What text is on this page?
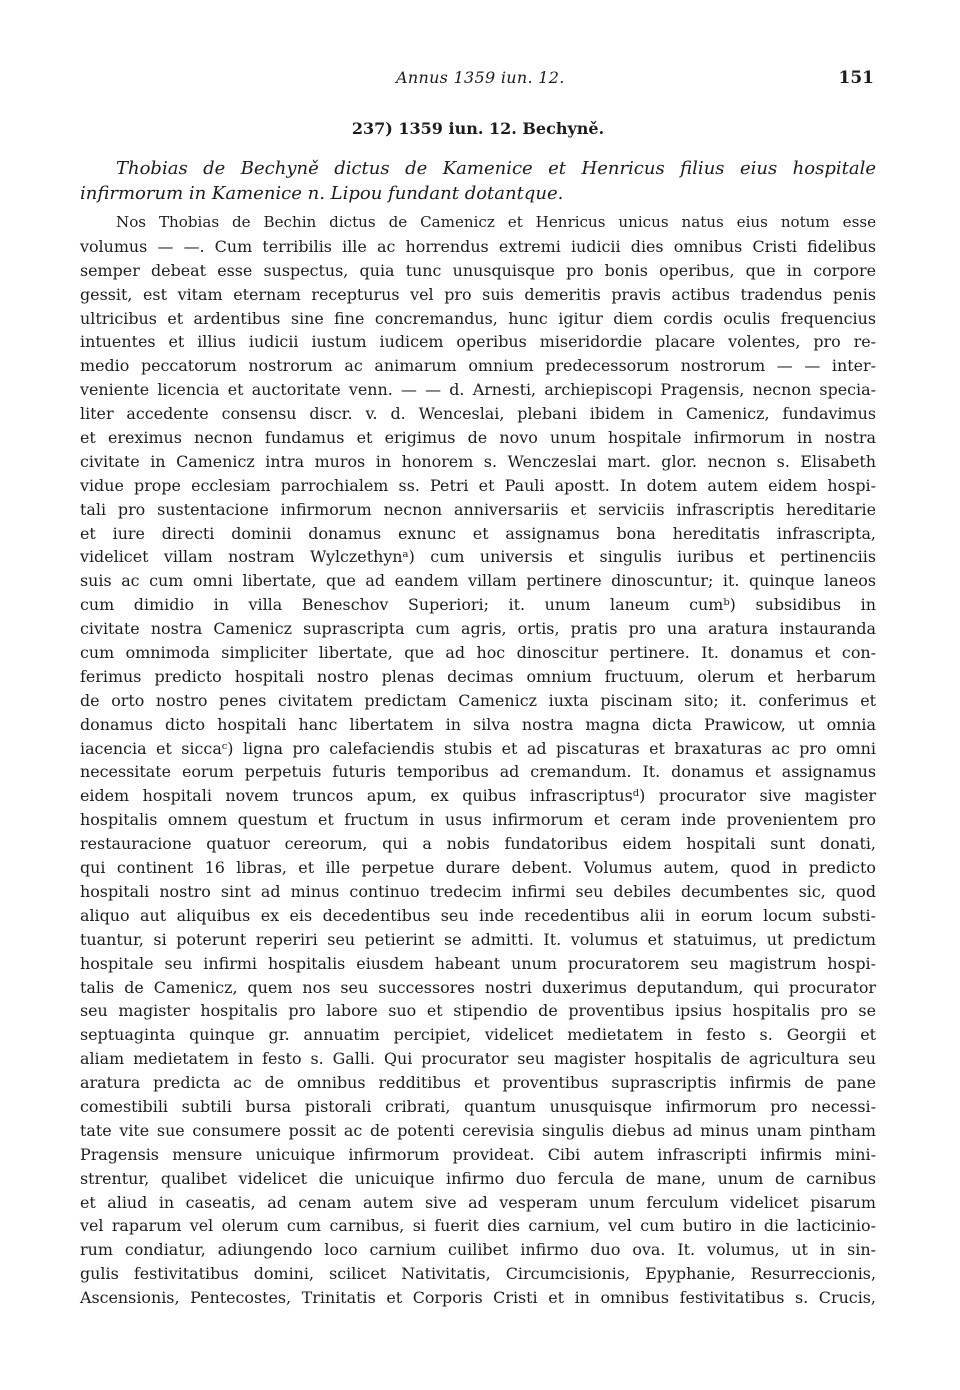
Annus 1359 iun. 12.	151
237) 1359 iun. 12. Bechyně.

Thobias de Bechyně dictus de Kamenice et Henricus filius eius hospitale infirmorum in Kamenice n. Lipou fundant dotantque.

Nos Thobias de Bechin dictus de Camenicz et Henricus unicus natus eius notum esse
volumus — —. Cum terribilis ille ac horrendus extremi iudicii dies omnibus Cristi fidelibus
semper debeat esse suspectus, quia tunc unusquisque pro bonis operibus, que in corpore
gessit, est vitam eternam recepturus vel pro suis demeritis pravis actibus tradendus penis
ultricibus et ardentibus sine fine concremandus, hunc igitur diem cordis oculis frequencius
intuentes et illius iudicii iustum iudicem operibus miseridordie placare volentes, pro re-
medio peccatorum nostrorum ac animarum omnium predecessorum nostrorum — — inter-
veniente licencia et auctoritate venn. — — d. Arnesti, archiepiscopi Pragensis, necnon specia-
liter accedente consensu discr. v. d. Wenceslai, plebani ibidem in Camenicz, fundavimus
et ereximus necnon fundamus et erigimus de novo unum hospitale infirmorum in nostra
civitate in Camenicz intra muros in honorem s. Wenczeslai mart. glor. necnon s. Elisabeth
vidue prope ecclesiam parrochialem ss. Petri et Pauli apostt. In dotem autem eidem hospi-
tali pro sustentacione infirmorum necnon anniversariis et serviciis infrascriptis hereditarie
et iure directi dominii donamus exnunc et assignamus bona hereditatis infrascripta,
videlicet villam nostram Wylczethynᵃ) cum universis et singulis iuribus et pertinenciis
suis ac cum omni libertate, que ad eandem villam pertinere dinoscuntur; it. quinque laneos
cum dimidio in villa Beneschov Superiori; it. unum laneum cumᵇ) subsidibus in
civitate nostra Camenicz suprascripta cum agris, ortis, pratis pro una aratura instauranda
cum omnimoda simpliciter libertate, que ad hoc dinoscitur pertinere. It. donamus et con-
ferimus predicto hospitali nostro plenas decimas omnium fructuum, olerum et herbarum
de orto nostro penes civitatem predictam Camenicz iuxta piscinam sito; it. conferimus et
donamus dicto hospitali hanc libertatem in silva nostra magna dicta Prawicow, ut omnia
iacencia et siccaᶜ) ligna pro calefaciendis stubis et ad piscaturas et braxaturas ac pro omni
necessitate eorum perpetuis futuris temporibus ad cremandum. It. donamus et assignamus
eidem hospitali novem truncos apum, ex quibus infrascriptusᵈ) procurator sive magister
hospitalis omnem questum et fructum in usus infirmorum et ceram inde provenientem pro
restauracione quatuor cereorum, qui a nobis fundatoribus eidem hospitali sunt donati,
qui continent 16 libras, et ille perpetue durare debent. Volumus autem, quod in predicto
hospitali nostro sint ad minus continuo tredecim infirmi seu debiles decumbentes sic, quod
aliquo aut aliquibus ex eis decedentibus seu inde recedentibus alii in eorum locum substi-
tuantur, si poterunt reperiri seu petierint se admitti. It. volumus et statuimus, ut predictum
hospitale seu infirmi hospitalis eiusdem habeant unum procuratorem seu magistrum hospi-
talis de Camenicz, quem nos seu successores nostri duxerimus deputandum, qui procurator
seu magister hospitalis pro labore suo et stipendio de proventibus ipsius hospitalis pro se
septuaginta quinque gr. annuatim percipiet, videlicet medietatem in festo s. Georgii et
aliam medietatem in festo s. Galli. Qui procurator seu magister hospitalis de agricultura seu
aratura predicta ac de omnibus redditibus et proventibus suprascriptis infirmis de pane
comestibili subtili bursa pistorali cribrati, quantum unusquisque infirmorum pro necessi-
tate vite sue consumere possit ac de potenti cerevisia singulis diebus ad minus unam pintham
Pragensis mensure unicuique infirmorum provideat. Cibi autem infrascripti infirmis mini-
strentur, qualibet videlicet die unicuique infirmo duo fercula de mane, unum de carnibus
et aliud in caseatis, ad cenam autem sive ad vesperam unum ferculum videlicet pisarum
vel raparum vel olerum cum carnibus, si fuerit dies carnium, vel cum butiro in die lacticinio-
rum condiatur, adiungendo loco carnium cuilibet infirmo duo ova. It. volumus, ut in sin-
gulis festivitatibus domini, scilicet Nativitatis, Circumcisionis, Epyphanie, Resurreccionis,
Ascensionis, Pentecostes, Trinitatis et Corporis Cristi et in omnibus festivitatibus s. Crucis,
